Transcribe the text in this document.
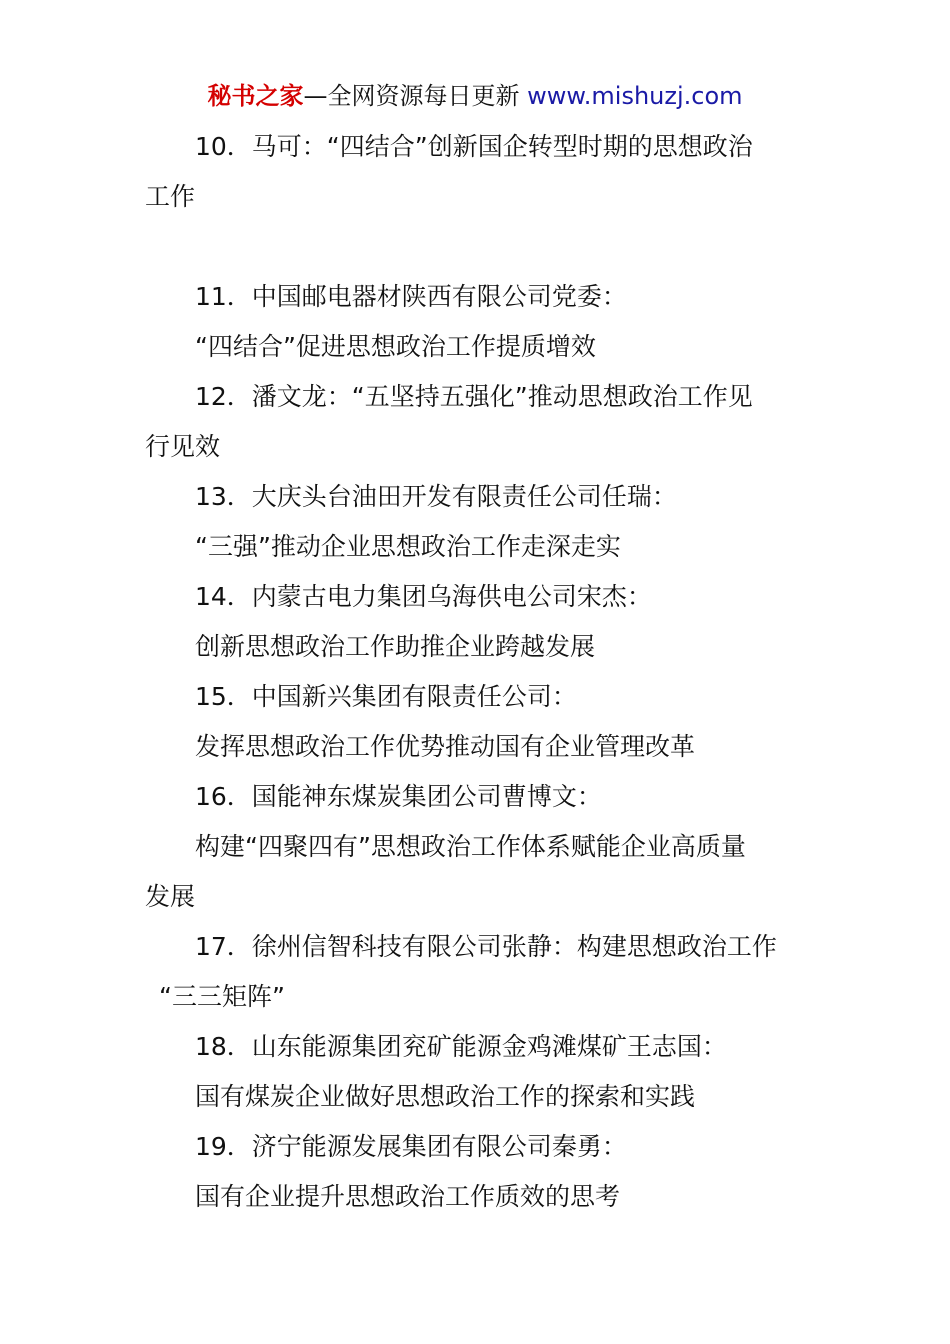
秘书之家—全网资源每日更新 www.mishuzj.com

10．马可：“四结合”创新国企转型时期的思想政治

工作

11．中国邮电器材陕西有限公司党委：

“四结合”促进思想政治工作提质增效

12．潘文龙：“五坚持五强化”推动思想政治工作见

行见效

13．大庆头台油田开发有限责任公司任瑞：

“三强”推动企业思想政治工作走深走实

14．内蒙古电力集团乌海供电公司宋杰：

创新思想政治工作助推企业跨越发展

15．中国新兴集团有限责任公司：

发挥思想政治工作优势推动国有企业管理改革

16．国能神东煤炭集团公司曹博文：

构建“四聚四有”思想政治工作体系赋能企业高质量

发展

17．徐州信智科技有限公司张静：构建思想政治工作

“三三矩阵”

18．山东能源集团兖矿能源金鸡滩煤矿王志国：

国有煤炭企业做好思想政治工作的探索和实践

19．济宁能源发展集团有限公司秦勇：

国有企业提升思想政治工作质效的思考
